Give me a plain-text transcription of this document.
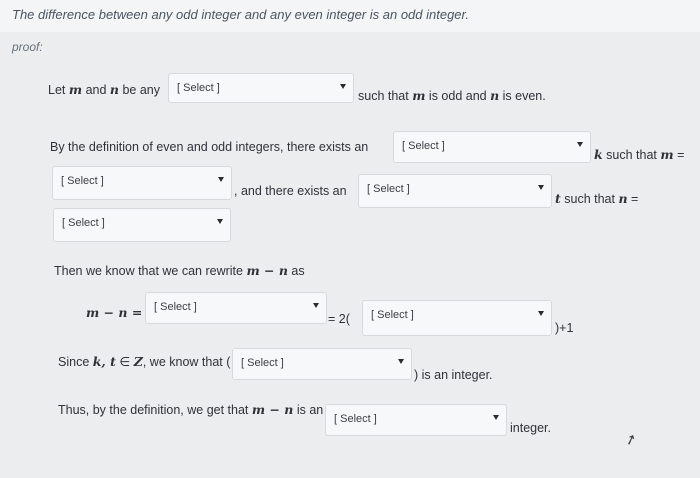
The difference between any odd integer and any even integer is an odd integer.
proof:
Let m and n be any [ Select ]
such that m is odd and n is even.
By the definition of even and odd integers, there exists an	[ Select ]
k such that m =
[ Select ]
, and there exists an [ Select ]
t such that n =
[ Select ]
Then we know that we can rewrite m − n as
m − n = [ Select ]
= 2( [ Select ]
)+1
Since k, t ∈ Z, we know that ( [ Select ]
) is an integer.
Thus, by the definition, we get that m − n is an
[ Select ]
integer.
➚
